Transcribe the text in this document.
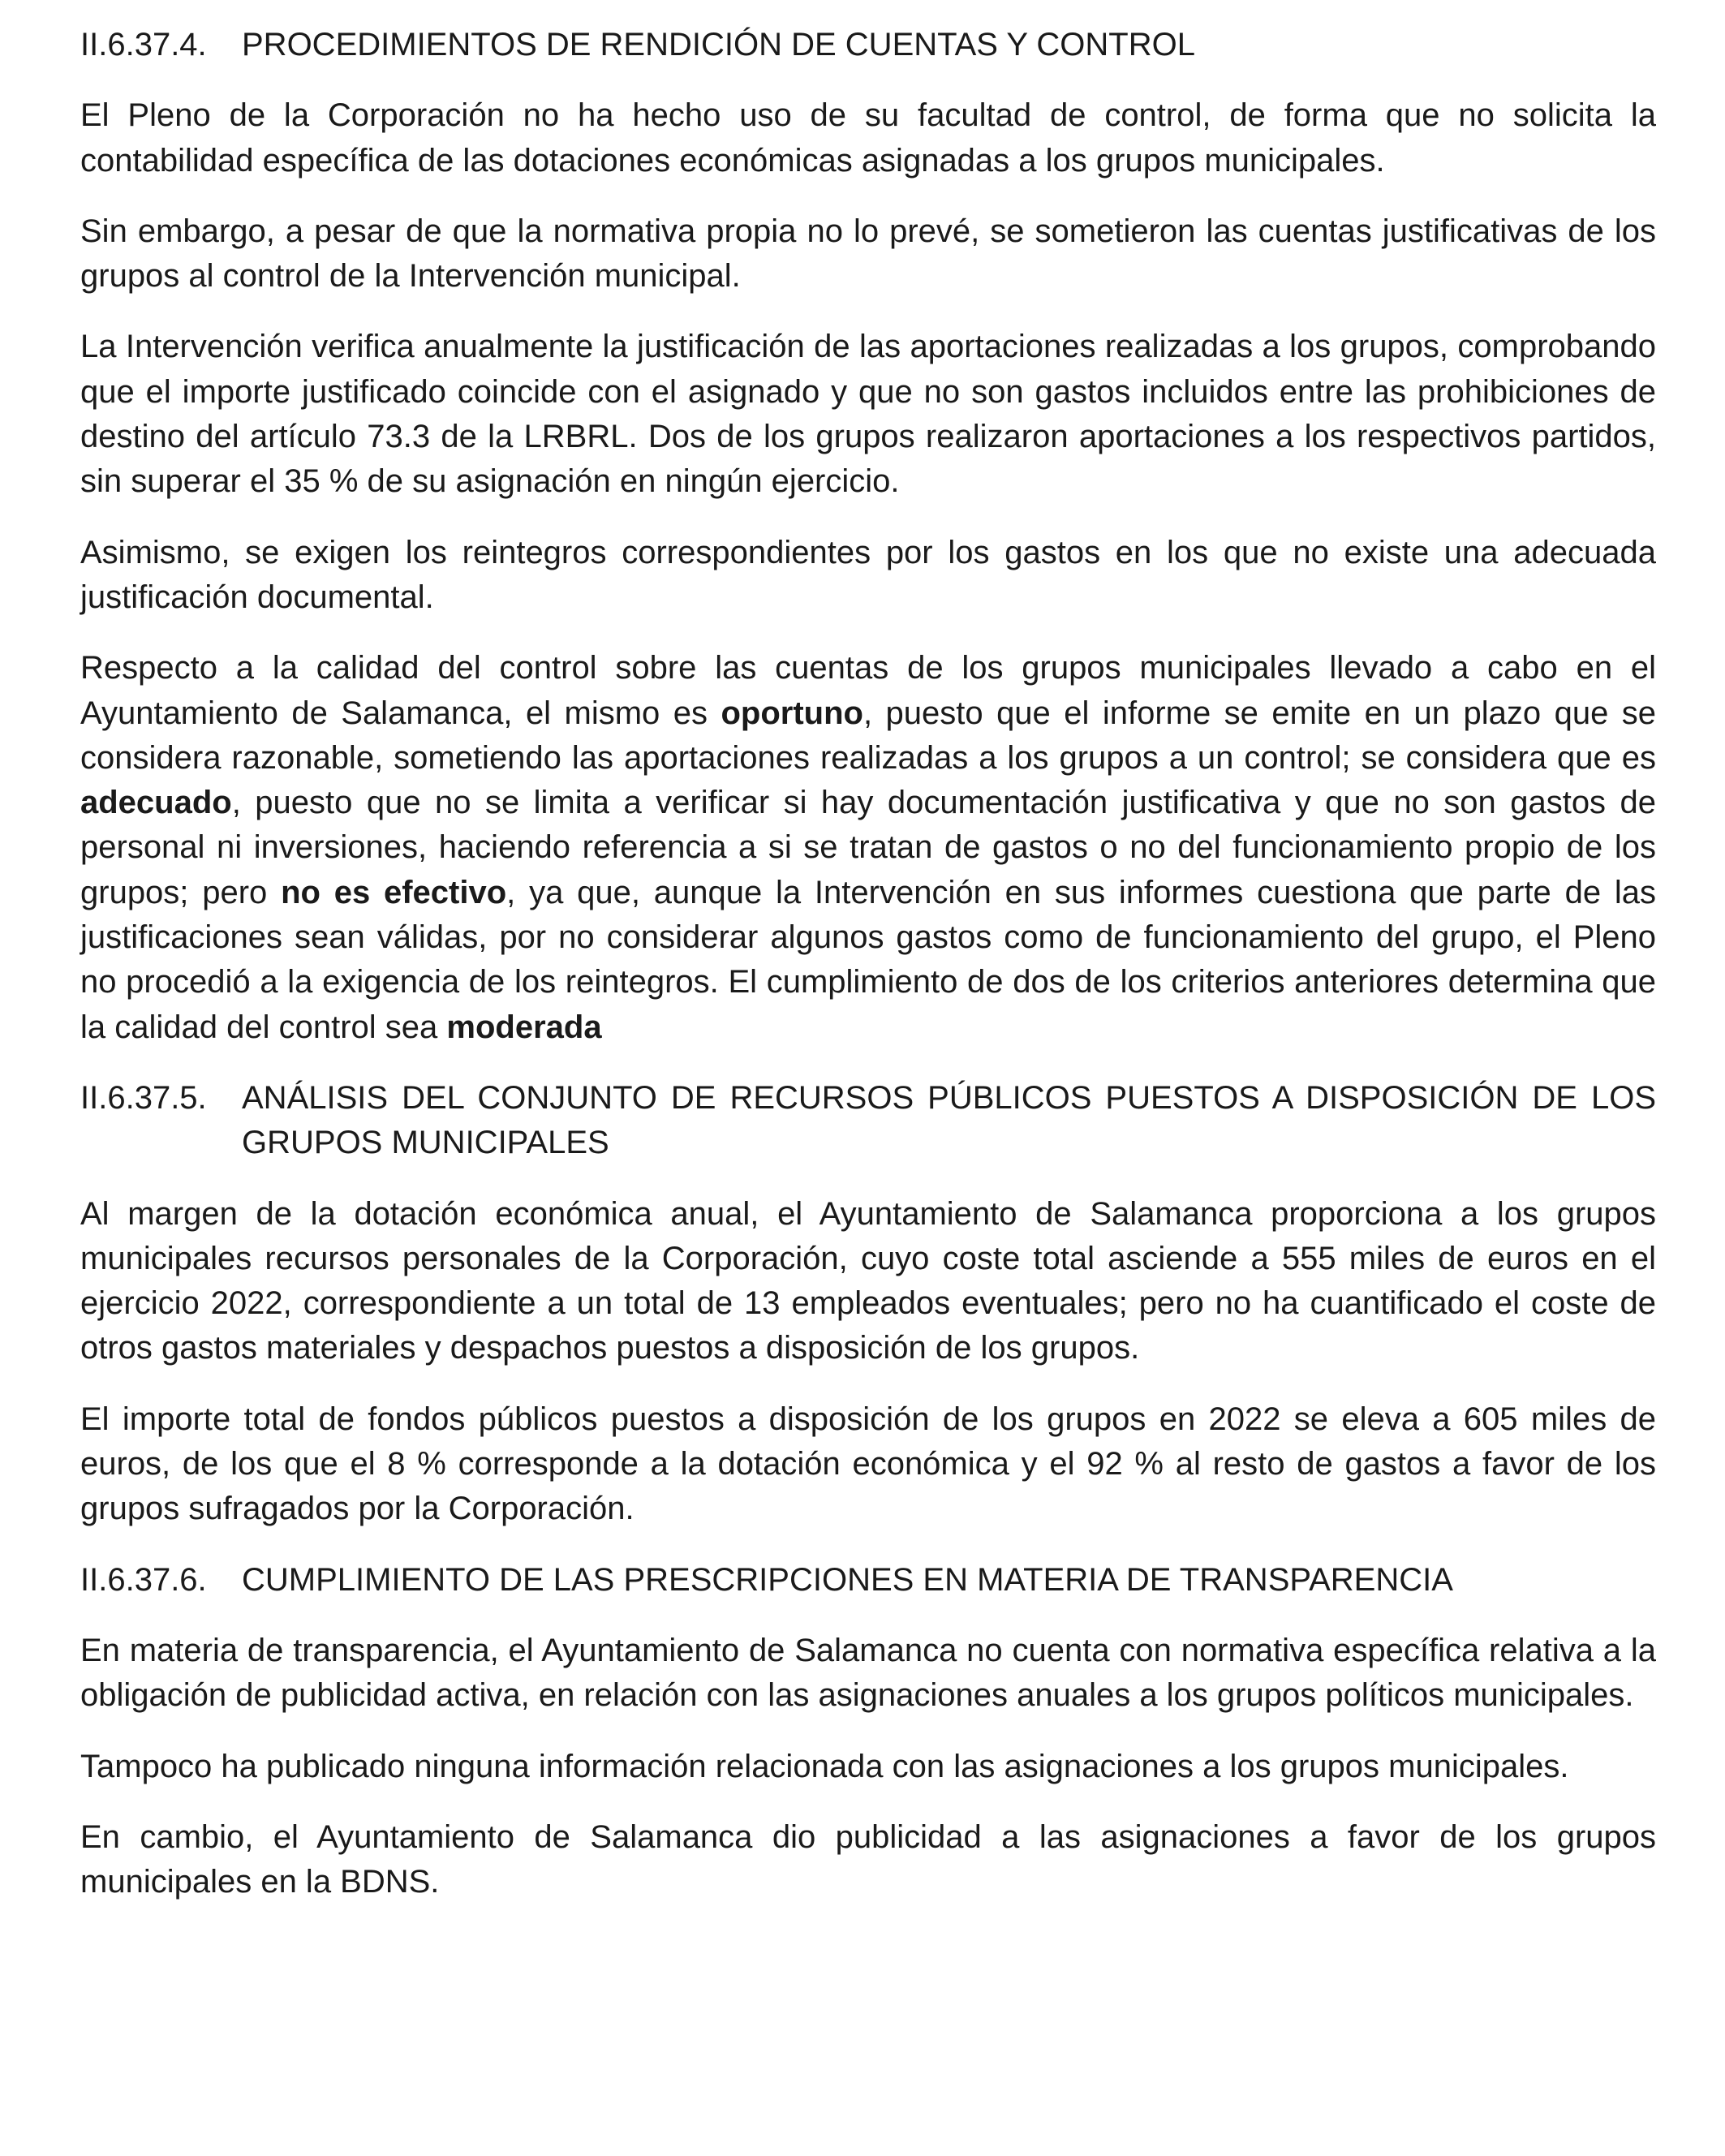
II.6.37.4.	PROCEDIMIENTOS DE RENDICIÓN DE CUENTAS Y CONTROL

El Pleno de la Corporación no ha hecho uso de su facultad de control, de forma que no solicita la contabilidad específica de las dotaciones económicas asignadas a los grupos municipales.

Sin embargo, a pesar de que la normativa propia no lo prevé, se sometieron las cuentas justificativas de los grupos al control de la Intervención municipal.

La Intervención verifica anualmente la justificación de las aportaciones realizadas a los grupos, comprobando que el importe justificado coincide con el asignado y que no son gastos incluidos entre las prohibiciones de destino del artículo 73.3 de la LRBRL. Dos de los grupos realizaron aportaciones a los respectivos partidos, sin superar el 35 % de su asignación en ningún ejercicio.

Asimismo, se exigen los reintegros correspondientes por los gastos en los que no existe una adecuada justificación documental.

Respecto a la calidad del control sobre las cuentas de los grupos municipales llevado a cabo en el Ayuntamiento de Salamanca, el mismo es oportuno, puesto que el informe se emite en un plazo que se considera razonable, sometiendo las aportaciones realizadas a los grupos a un control; se considera que es adecuado, puesto que no se limita a verificar si hay documentación justificativa y que no son gastos de personal ni inversiones, haciendo referencia a si se tratan de gastos o no del funcionamiento propio de los grupos; pero no es efectivo, ya que, aunque la Intervención en sus informes cuestiona que parte de las justificaciones sean válidas, por no considerar algunos gastos como de funcionamiento del grupo, el Pleno no procedió a la exigencia de los reintegros. El cumplimiento de dos de los criterios anteriores determina que la calidad del control sea moderada

II.6.37.5.	ANÁLISIS DEL CONJUNTO DE RECURSOS PÚBLICOS PUESTOS A DISPOSICIÓN DE LOS GRUPOS MUNICIPALES

Al margen de la dotación económica anual, el Ayuntamiento de Salamanca proporciona a los grupos municipales recursos personales de la Corporación, cuyo coste total asciende a 555 miles de euros en el ejercicio 2022, correspondiente a un total de 13 empleados eventuales; pero no ha cuantificado el coste de otros gastos materiales y despachos puestos a disposición de los grupos.

El importe total de fondos públicos puestos a disposición de los grupos en 2022 se eleva a 605 miles de euros, de los que el 8 % corresponde a la dotación económica y el 92 % al resto de gastos a favor de los grupos sufragados por la Corporación.

II.6.37.6.	CUMPLIMIENTO DE LAS PRESCRIPCIONES EN MATERIA DE TRANSPARENCIA

En materia de transparencia, el Ayuntamiento de Salamanca no cuenta con normativa específica relativa a la obligación de publicidad activa, en relación con las asignaciones anuales a los grupos políticos municipales.

Tampoco ha publicado ninguna información relacionada con las asignaciones a los grupos municipales.

En cambio, el Ayuntamiento de Salamanca dio publicidad a las asignaciones a favor de los grupos municipales en la BDNS.
